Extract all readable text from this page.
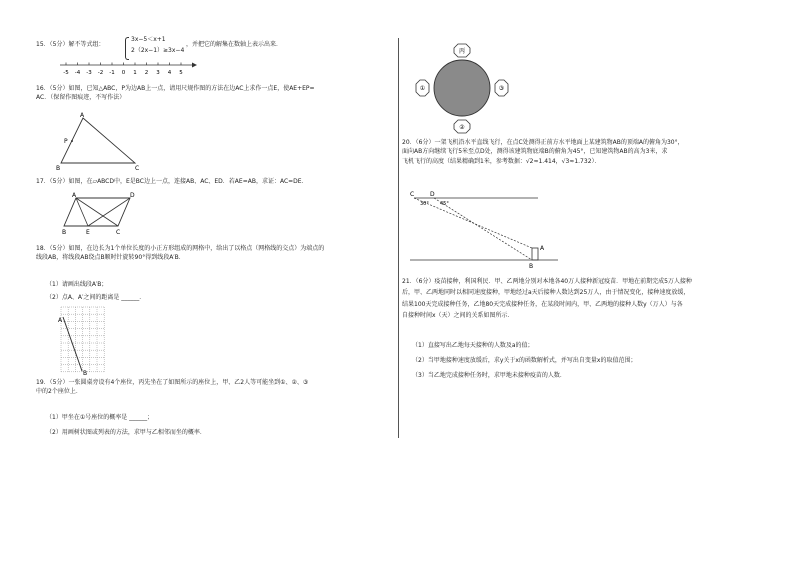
15．（5分）解不等式组：
3x−5＜x+1
2（2x−1）≥3x−4
，并把它的解集在数轴上表示出来．
-5 -4 -3 -2 -1 0 1 2 3 4 5
16．（5分）如图，已知△ABC，P为边AB上一点，请用尺规作图的方法在边AC上求作一点E，使AE+EP=
AC．（保留作图痕迹，不写作法）
A
P
B	C
17．（5分）如图，在▱ABCD中，E是BC边上一点，连接AB、AC、ED．若AE=AB，求证：AC=DE．
A	D
B	E	C
18．（5分）如图，在边长为1个单位长度的小正方形组成的网格中，给出了以格点（网格线的交点）为端点的
线段AB，将线段AB绕点B顺时针旋转90°得到线段A′B．
（1）请画出线段A′B；
（2）点A、A′之间的距离是 ______．
A
B
19．（5分）一张圆桌旁设有4个座位，丙先坐在了如图所示的座位上，甲、乙2人等可能坐到①、②、③
中的2个座位上．
（1）甲坐在①号座位的概率是 ______；
（2）用画树状图或列表的方法，求甲与乙相邻而坐的概率．
丙
①	③
②
20．（6分）一架飞机沿水平直线飞行，在点C处测得正前方水平地面上某建筑物AB的顶端A的俯角为30°，
面向AB方向继续飞行5米至点D处，测得该建筑物底端B的俯角为45°，已知建筑物AB的高为3米，求
飞机飞行的高度（结果精确到1米，参考数据：√2≈1.414，√3≈1.732）．
C	D
30° 45°
A
B
21．（6分）疫苗接种，利国利民．甲、乙两地分别对本地各40万人接种新冠疫苗．甲地在前期完成5万人接种
后，甲、乙两地同时以相同速度接种，甲地经过a天后接种人数达到25万人，由于情况变化，接种速度放缓，
结果100天完成接种任务，乙地80天完成接种任务，在某段时间内，甲、乙两地的接种人数y（万人）与各
自接种时间x（天）之间的关系如图所示．
（1）直接写出乙地每天接种的人数及a的值；
（2）当甲地接种速度放缓后，求y关于x的函数解析式，并写出自变量x的取值范围；
（3）当乙地完成接种任务时，求甲地未接种疫苗的人数．
